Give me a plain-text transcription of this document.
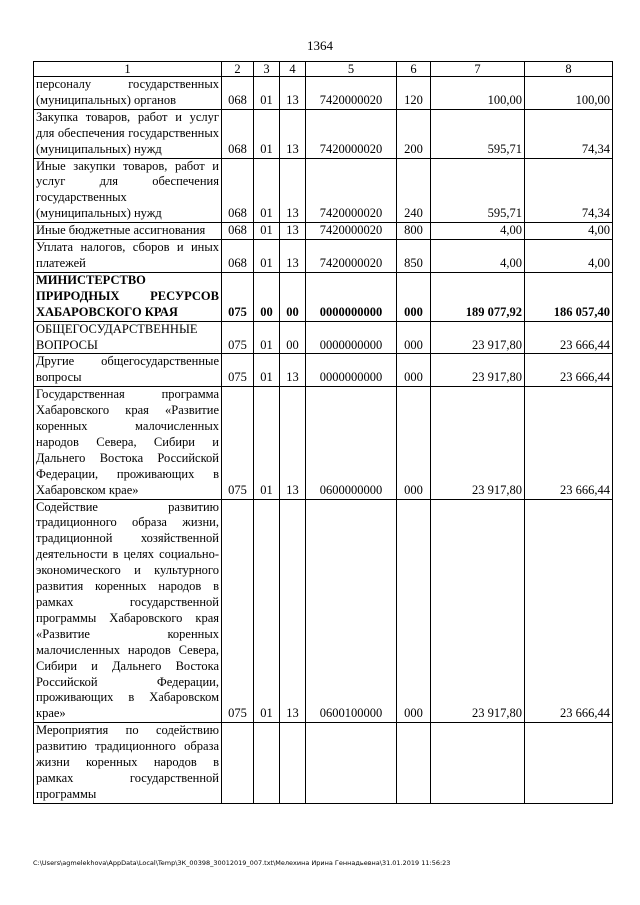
1364
1	2	3	4	5	6	7	8
персоналу государственных (муниципальных) органов	068	01	13	7420000020	120	100,00	100,00
Закупка товаров, работ и услуг для обеспечения государственных (муниципальных) нужд	068	01	13	7420000020	200	595,71	74,34
Иные закупки товаров, работ и услуг для обеспечения государственных (муниципальных) нужд	068	01	13	7420000020	240	595,71	74,34
Иные бюджетные ассигнования	068	01	13	7420000020	800	4,00	4,00
Уплата налогов, сборов и иных платежей	068	01	13	7420000020	850	4,00	4,00
МИНИСТЕРСТВО ПРИРОДНЫХ РЕСУРСОВ ХАБАРОВСКОГО КРАЯ	075	00	00	0000000000	000	189 077,92	186 057,40
ОБЩЕГОСУДАРСТВЕННЫЕ ВОПРОСЫ	075	01	00	0000000000	000	23 917,80	23 666,44
Другие общегосударственные вопросы	075	01	13	0000000000	000	23 917,80	23 666,44
Государственная программа Хабаровского края «Развитие коренных малочисленных народов Севера, Сибири и Дальнего Востока Российской Федерации, проживающих в Хабаровском крае»	075	01	13	0600000000	000	23 917,80	23 666,44
Содействие развитию традиционного образа жизни, традиционной хозяйственной деятельности в целях социально-экономического и культурного развития коренных народов в рамках государственной программы Хабаровского края «Развитие коренных малочисленных народов Севера, Сибири и Дальнего Востока Российской Федерации, проживающих в Хабаровском крае»	075	01	13	0600100000	000	23 917,80	23 666,44
Мероприятия по содействию развитию традиционного образа жизни коренных народов в рамках государственной программы							
C:\Users\agmelekhova\AppData\Local\Temp\ЗК_00398_30012019_007.txt\Мелехина Ирина Геннадьевна\31.01.2019 11:56:23
